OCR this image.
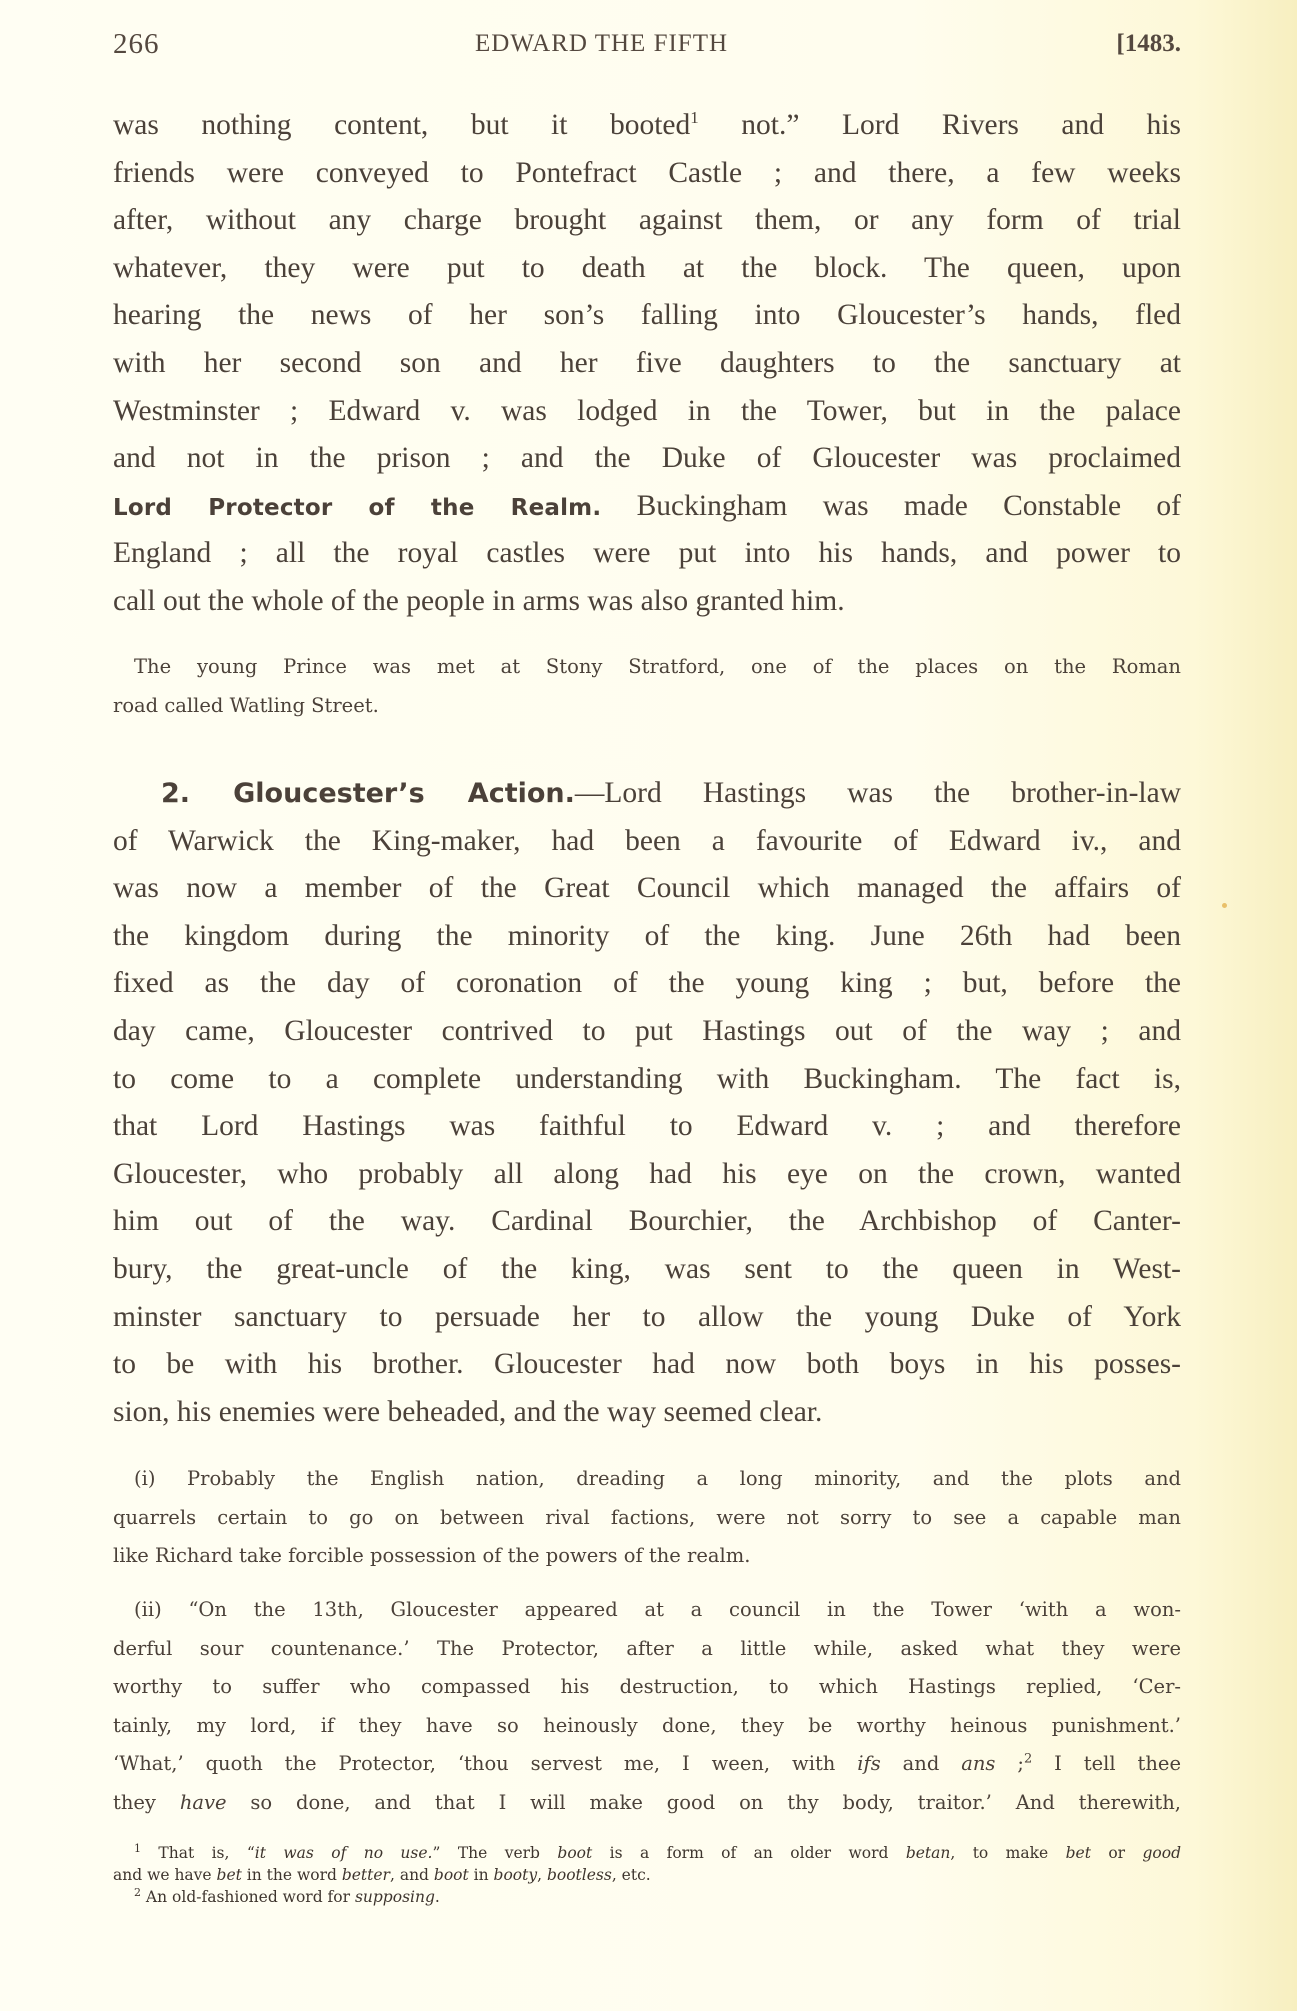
266	EDWARD THE FIFTH	[1483.
was nothing content, but it booted$^1$ not.” Lord Rivers and his
friends were conveyed to Pontefract Castle ; and there, a few weeks
after, without any charge brought against them, or any form of trial
whatever, they were put to death at the block. The queen, upon
hearing the news of her son’s falling into Gloucester’s hands, fled
with her second son and her five daughters to the sanctuary at
Westminster ; Edward v. was lodged in the Tower, but in the palace
and not in the prison ; and the Duke of Gloucester was proclaimed
Lord Protector of the Realm. Buckingham was made Constable of
England ; all the royal castles were put into his hands, and power to
call out the whole of the people in arms was also granted him.
The young Prince was met at Stony Stratford, one of the places on the Roman
road called Watling Street.
2. Gloucester’s Action.—Lord Hastings was the brother-in-law
of Warwick the King-maker, had been a favourite of Edward iv., and
was now a member of the Great Council which managed the affairs of
the kingdom during the minority of the king. June 26th had been
fixed as the day of coronation of the young king ; but, before the
day came, Gloucester contrived to put Hastings out of the way ; and
to come to a complete understanding with Buckingham. The fact is,
that Lord Hastings was faithful to Edward v. ; and therefore
Gloucester, who probably all along had his eye on the crown, wanted
him out of the way. Cardinal Bourchier, the Archbishop of Canter-
bury, the great-uncle of the king, was sent to the queen in West-
minster sanctuary to persuade her to allow the young Duke of York
to be with his brother. Gloucester had now both boys in his posses-
sion, his enemies were beheaded, and the way seemed clear.
(i) Probably the English nation, dreading a long minority, and the plots and
quarrels certain to go on between rival factions, were not sorry to see a capable man
like Richard take forcible possession of the powers of the realm.
(ii) “On the 13th, Gloucester appeared at a council in the Tower ‘with a won-
derful sour countenance.’ The Protector, after a little while, asked what they were
worthy to suffer who compassed his destruction, to which Hastings replied, ‘Cer-
tainly, my lord, if they have so heinously done, they be worthy heinous punishment.’
‘What,’ quoth the Protector, ‘thou servest me, I ween, with ifs and ans ;$^2$ I tell thee
they have so done, and that I will make good on thy body, traitor.’ And therewith,
$^1$ That is, “it was of no use.” The verb boot is a form of an older word betan, to make bet or good
and we have bet in the word better, and boot in booty, bootless, etc.
$^2$ An old-fashioned word for supposing.
